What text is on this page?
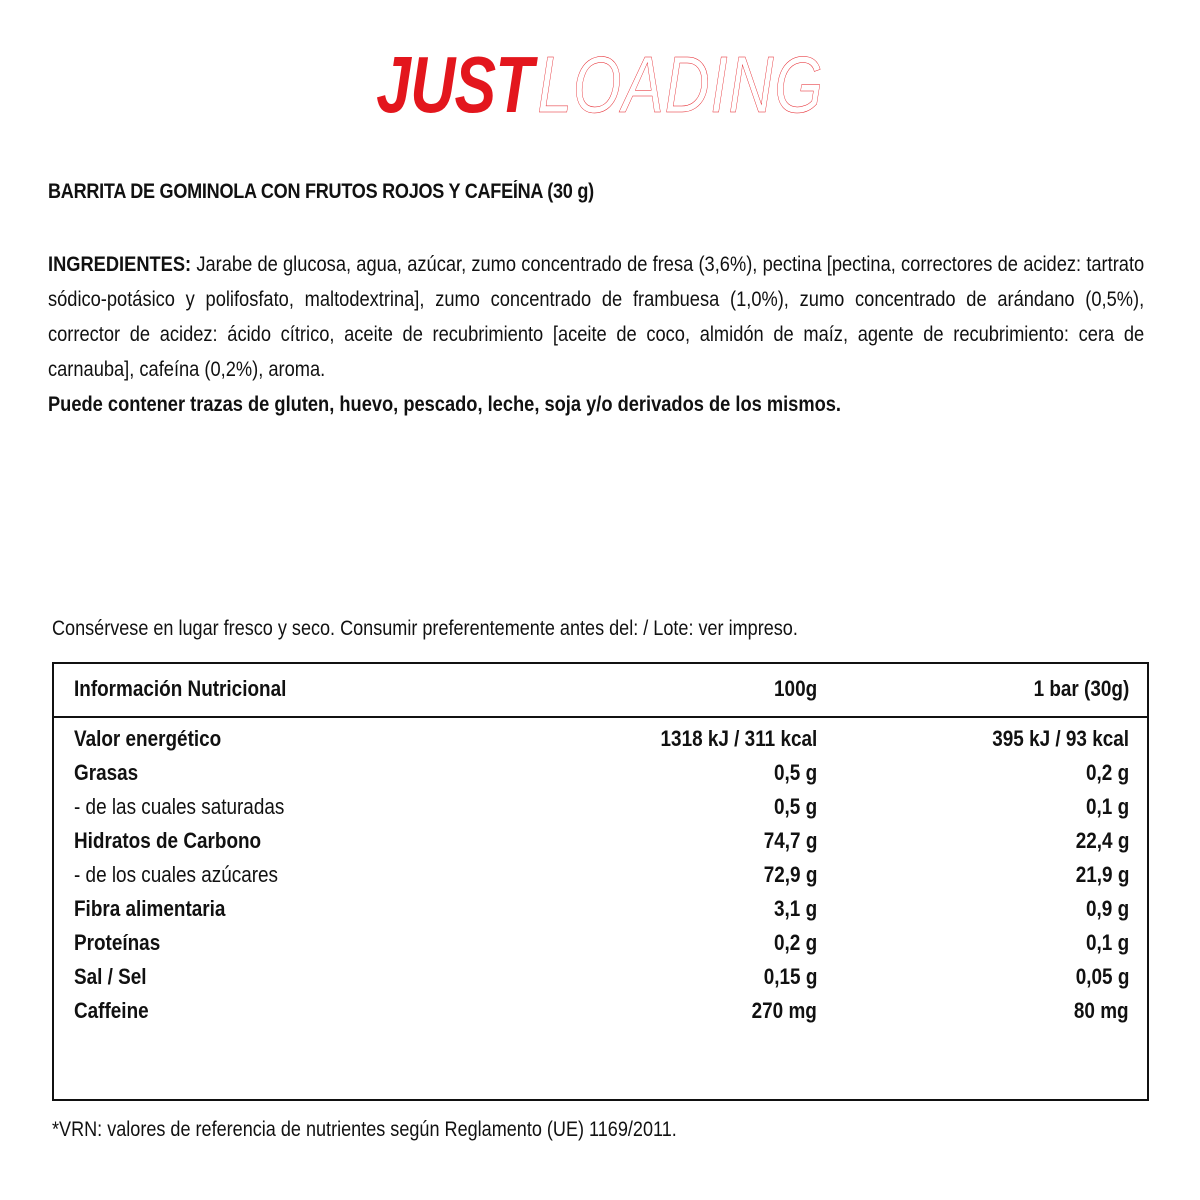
JUST LOADING
BARRITA DE GOMINOLA CON FRUTOS ROJOS Y CAFEÍNA (30 g)
INGREDIENTES: Jarabe de glucosa, agua, azúcar, zumo concentrado de fresa (3,6%), pectina [pectina, correctores de acidez: tartrato sódico-potásico y polifosfato, maltodextrina], zumo concentrado de frambuesa (1,0%), zumo concentrado de arándano (0,5%), corrector de acidez: ácido cítrico, aceite de recubrimiento [aceite de coco, almidón de maíz, agente de recubrimiento: cera de carnauba], cafeína (0,2%), aroma.
Puede contener trazas de gluten, huevo, pescado, leche, soja y/o derivados de los mismos.
Consérvese en lugar fresco y seco. Consumir preferentemente antes del: / Lote: ver impreso.
Información Nutricional	100g	1 bar (30g)
Valor energético	1318 kJ / 311 kcal	395 kJ / 93 kcal
Grasas	0,5 g	0,2 g
- de las cuales saturadas	0,5 g	0,1 g
Hidratos de Carbono	74,7 g	22,4 g
- de los cuales azúcares	72,9 g	21,9 g
Fibra alimentaria	3,1 g	0,9 g
Proteínas	0,2 g	0,1 g
Sal / Sel	0,15 g	0,05 g
Caffeine	270 mg	80 mg
*VRN: valores de referencia de nutrientes según Reglamento (UE) 1169/2011.
